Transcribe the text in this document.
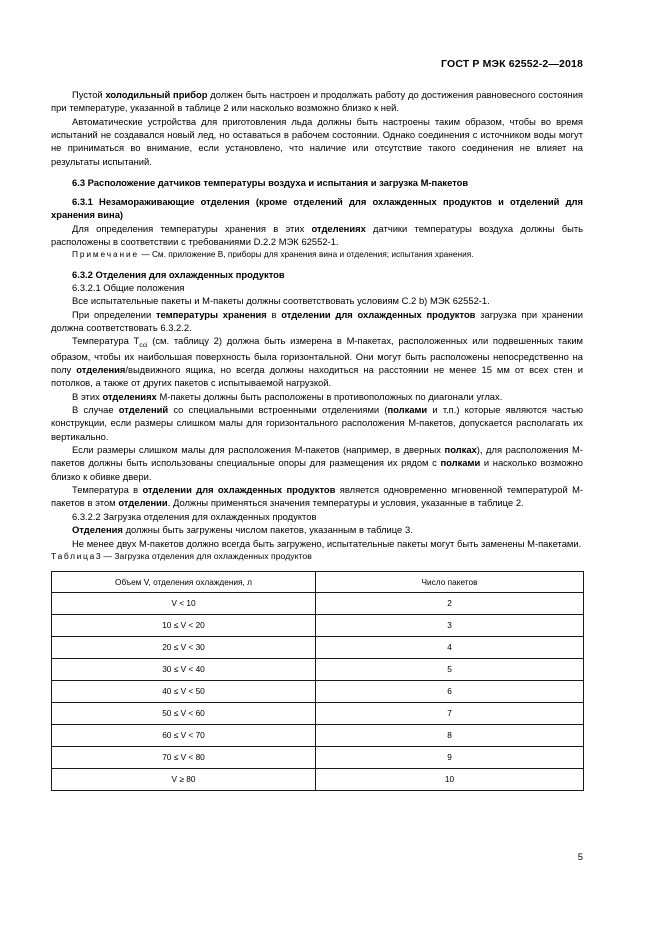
ГОСТ Р МЭК 62552-2—2018

Пустой холодильный прибор должен быть настроен и продолжать работу до достижения равновесного состояния при температуре, указанной в таблице 2 или насколько возможно близко к ней.

Автоматические устройства для приготовления льда должны быть настроены таким образом, чтобы во время испытаний не создавался новый лед, но оставаться в рабочем состоянии. Однако соединения с источником воды могут не приниматься во внимание, если установлено, что наличие или отсутствие такого соединения не влияет на результаты испытаний.

6.3 Расположение датчиков температуры воздуха и испытания и загрузка М-пакетов

6.3.1 Незамораживающие отделения (кроме отделений для охлажденных продуктов и отделений для хранения вина)

Для определения температуры хранения в этих отделениях датчики температуры воздуха должны быть расположены в соответствии с требованиями D.2.2 МЭК 62552-1.

Примечание — См. приложение В, приборы для хранения вина и отделения; испытания хранения.

6.3.2 Отделения для охлажденных продуктов

6.3.2.1 Общие положения

Все испытательные пакеты и М-пакеты должны соответствовать условиям C.2 b) МЭК 62552-1.

При определении температуры хранения в отделении для охлажденных продуктов загрузка при хранении должна соответствовать 6.3.2.2.

Температура $T_{cci}$ (см. таблицу 2) должна быть измерена в М-пакетах, расположенных или подвешенных таким образом, чтобы их наибольшая поверхность была горизонтальной. Они могут быть расположены непосредственно на полу отделения/выдвижного ящика, но всегда должны находиться на расстоянии не менее 15 мм от всех стен и потолков, а также от других пакетов с испытываемой нагрузкой.

В этих отделениях М-пакеты должны быть расположены в противоположных по диагонали углах.

В случае отделений со специальными встроенными отделениями (полками и т.п.) которые являются частью конструкции, если размеры слишком малы для горизонтального расположения М-пакетов, допускается располагать их вертикально.

Если размеры слишком малы для расположения М-пакетов (например, в дверных полках), для расположения М-пакетов должны быть использованы специальные опоры для размещения их рядом с полками и насколько возможно близко к обивке двери.

Температура в отделении для охлажденных продуктов является одновременно мгновенной температурой М-пакетов в этом отделении. Должны применяться значения температуры и условия, указанные в таблице 2.

6.3.2.2 Загрузка отделения для охлажденных продуктов

Отделения должны быть загружены числом пакетов, указанным в таблице 3.

Не менее двух М-пакетов должно всегда быть загружено, испытательные пакеты могут быть заменены М-пакетами.

Таблица3 — Загрузка отделения для охлажденных продуктов

Объем V, отделения охлаждения, л	Число пакетов
V < 10	2
10 ≤ V < 20	3
20 ≤ V < 30	4
30 ≤ V < 40	5
40 ≤ V < 50	6
50 ≤ V < 60	7
60 ≤ V < 70	8
70 ≤ V < 80	9
V ≥ 80	10
5
